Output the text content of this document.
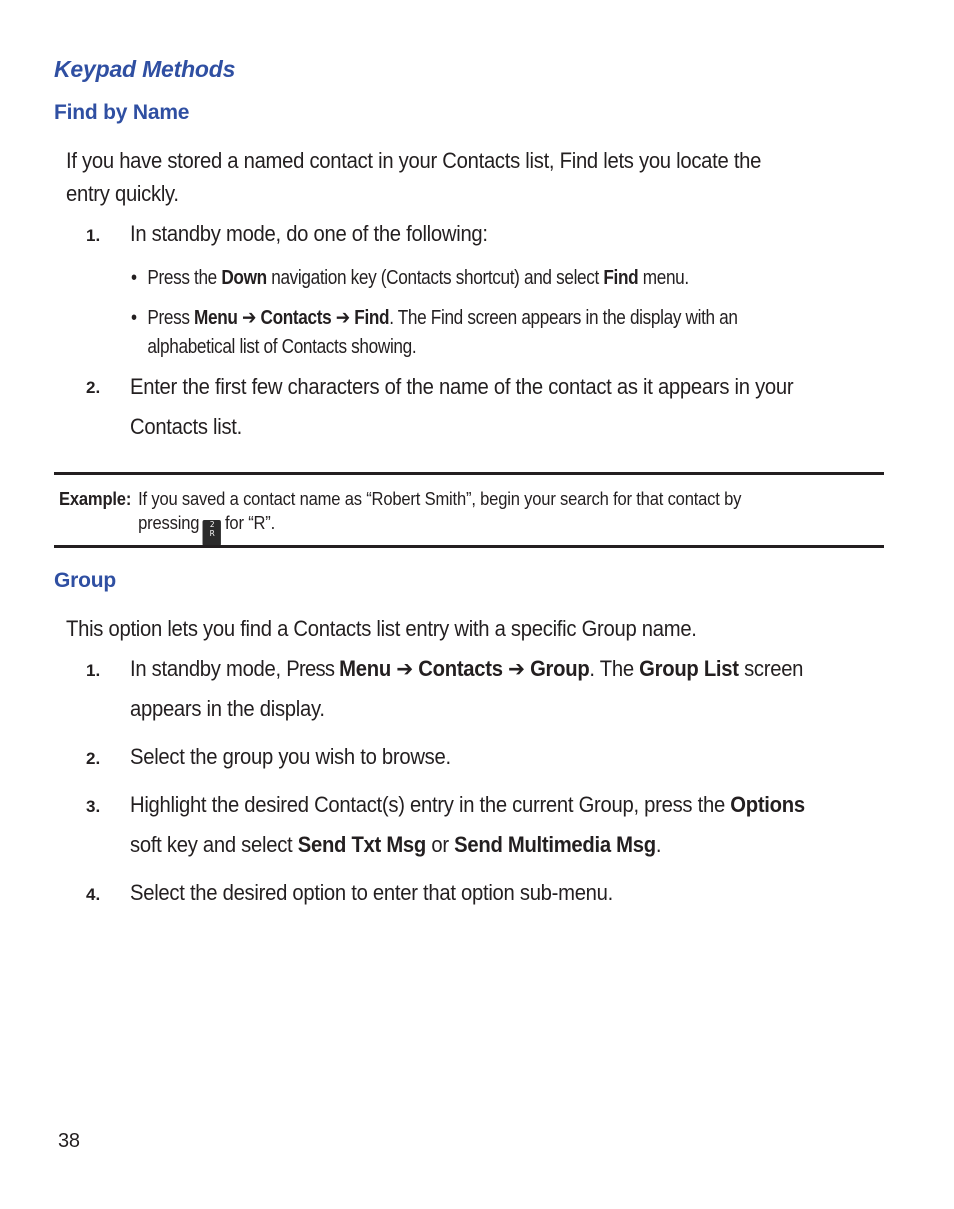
Keypad Methods
Find by Name
If you have stored a named contact in your Contacts list, Find lets you locate the
entry quickly.
1. In standby mode, do one of the following:
• Press the Down navigation key (Contacts shortcut) and select Find menu.
• Press Menu ➔ Contacts ➔ Find. The Find screen appears in the display with an
alphabetical list of Contacts showing.
2. Enter the first few characters of the name of the contact as it appears in your
Contacts list.
Example: If you saved a contact name as “Robert Smith”, begin your search for that contact by
pressing	2
R
for “R”.
Group
This option lets you find a Contacts list entry with a specific Group name.
1. In standby mode, Press Menu ➔ Contacts ➔ Group. The Group List screen
appears in the display.
2. Select the group you wish to browse.
3. Highlight the desired Contact(s) entry in the current Group, press the Options
soft key and select Send Txt Msg or Send Multimedia Msg.
4. Select the desired option to enter that option sub-menu.
38
